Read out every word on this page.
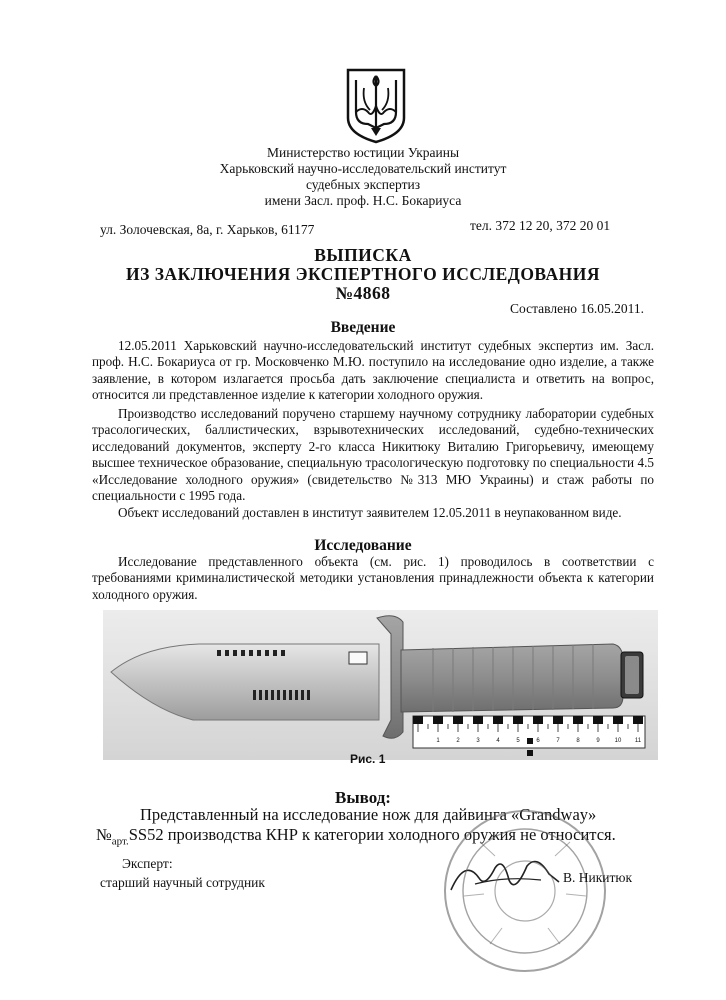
Министерство юстиции Украины
Харьковский научно-исследовательский институт
судебных экспертиз
имени Засл. проф. Н.С. Бокариуса
ул. Золочевская, 8а, г. Харьков, 61177	тел. 372 12 20, 372 20 01
ВЫПИСКА
ИЗ ЗАКЛЮЧЕНИЯ ЭКСПЕРТНОГО ИССЛЕДОВАНИЯ
№4868
Составлено 16.05.2011.
Введение
12.05.2011 Харьковский научно-исследовательский институт судебных экспертиз им. Засл. проф. Н.С. Бокариуса от гр. Московченко М.Ю. поступило на исследование одно изделие, а также заявление, в котором излагается просьба дать заключение специалиста и ответить на вопрос, относится ли представленное изделие к категории холодного оружия.
Производство исследований поручено старшему научному сотруднику лаборатории судебных трасологических, баллистических, взрывотехнических исследований, судебно-технических исследований документов, эксперту 2-го класса Никитюку Виталию Григорьевичу, имеющему высшее техническое образование, специальную трасологическую подготовку по специальности 4.5 «Исследование холодного оружия» (свидетельство №313 МЮ Украины) и стаж работы по специальности с 1995 года.
Объект исследований доставлен в институт заявителем 12.05.2011 в неупакованном виде.
Исследование
Исследование представленного объекта (см. рис. 1) проводилось в соответствии с требованиями криминалистической методики установления принадлежности объекта к категории холодного оружия.
1	2	3	4	5	6	7	8	9 10 11
Рис. 1
Вывод:
Представленный на исследование нож для дайвинга «Grandway»
$№_{арт.}SS52$ производства КНР к категории холодного оружия не относится.
Эксперт:
старший научный сотрудник	В. Никитюк
